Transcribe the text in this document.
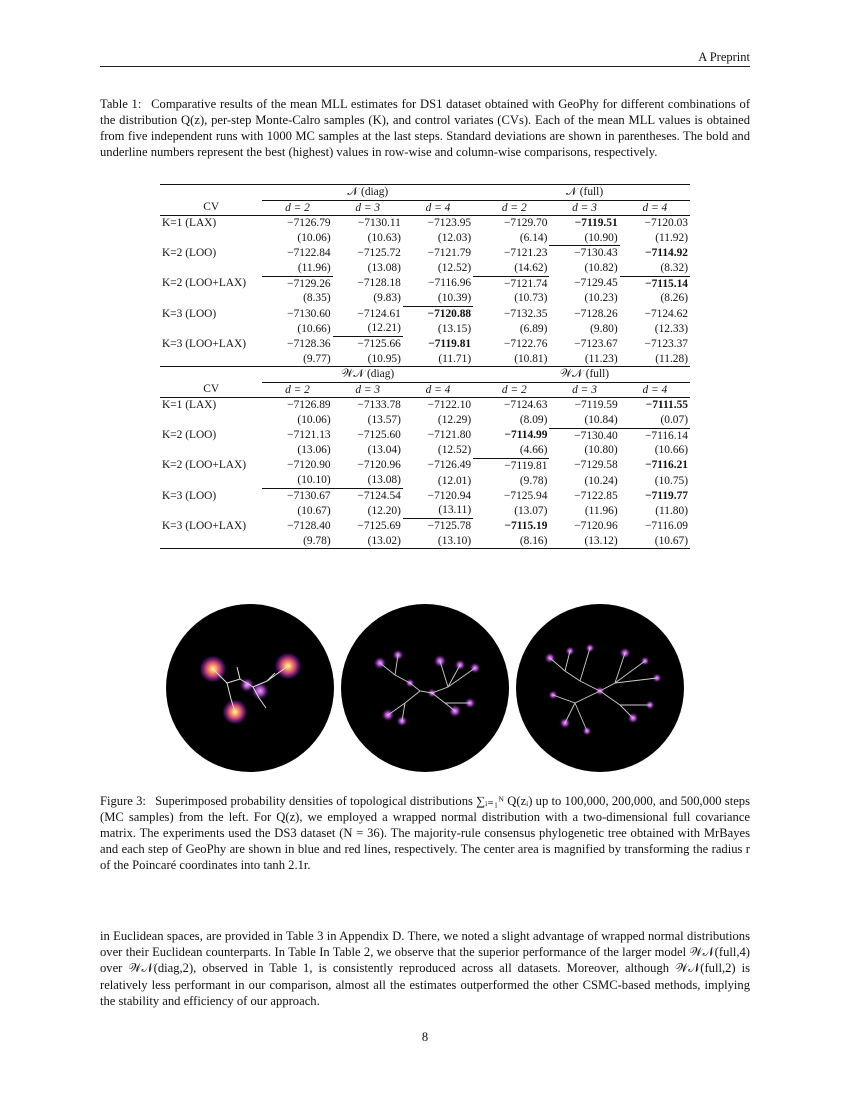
A Preprint
Table 1: Comparative results of the mean MLL estimates for DS1 dataset obtained with GeoPhy for different combinations of the distribution Q(z), per-step Monte-Calro samples (K), and control variates (CVs). Each of the mean MLL values is obtained from five independent runs with 1000 MC samples at the last steps. Standard deviations are shown in parentheses. The bold and underline numbers represent the best (highest) values in row-wise and column-wise comparisons, respectively.
	𝒩 (diag)			𝒩 (full)		
CV	d = 2	d = 3	d = 4	d = 2	d = 3	d = 4
K=1 (LAX)	−7126.79	−7130.11	−7123.95	−7129.70	−7119.51	−7120.03
	(10.06)	(10.63)	(12.03)	(6.14)	(10.90)	(11.92)
K=2 (LOO)	−7122.84	−7125.72	−7121.79	−7121.23	−7130.43	−7114.92
	(11.96)	(13.08)	(12.52)	(14.62)	(10.82)	(8.32)
K=2 (LOO+LAX)	−7129.26	−7128.18	−7116.96	−7121.74	−7129.45	−7115.14
	(8.35)	(9.83)	(10.39)	(10.73)	(10.23)	(8.26)
K=3 (LOO)	−7130.60	−7124.61	−7120.88	−7132.35	−7128.26	−7124.62
	(10.66)	(12.21)	(13.15)	(6.89)	(9.80)	(12.33)
K=3 (LOO+LAX)	−7128.36	−7125.66	−7119.81	−7122.76	−7123.67	−7123.37
	(9.77)	(10.95)	(11.71)	(10.81)	(11.23)	(11.28)
	𝒲𝒩 (diag)			𝒲𝒩 (full)		
CV	d = 2	d = 3	d = 4	d = 2	d = 3	d = 4
K=1 (LAX)	−7126.89	−7133.78	−7122.10	−7124.63	−7119.59	−7111.55
	(10.06)	(13.57)	(12.29)	(8.09)	(10.84)	(0.07)
K=2 (LOO)	−7121.13	−7125.60	−7121.80	−7114.99	−7130.40	−7116.14
	(13.06)	(13.04)	(12.52)	(4.66)	(10.80)	(10.66)
K=2 (LOO+LAX)	−7120.90	−7120.96	−7126.49	−7119.81	−7129.58	−7116.21
	(10.10)	(13.08)	(12.01)	(9.78)	(10.24)	(10.75)
K=3 (LOO)	−7130.67	−7124.54	−7120.94	−7125.94	−7122.85	−7119.77
	(10.67)	(12.20)	(13.11)	(13.07)	(11.96)	(11.80)
K=3 (LOO+LAX)	−7128.40	−7125.69	−7125.78	−7115.19	−7120.96	−7116.09
	(9.78)	(13.02)	(13.10)	(8.16)	(13.12)	(10.67)
Figure 3: Superimposed probability densities of topological distributions ∑ᵢ₌₁ᴺ Q(zᵢ) up to 100,000, 200,000, and 500,000 steps (MC samples) from the left. For Q(z), we employed a wrapped normal distribution with a two-dimensional full covariance matrix. The experiments used the DS3 dataset (N = 36). The majority-rule consensus phylogenetic tree obtained with MrBayes and each step of GeoPhy are shown in blue and red lines, respectively. The center area is magnified by transforming the radius r of the Poincaré coordinates into tanh 2.1r.
in Euclidean spaces, are provided in Table 3 in Appendix D. There, we noted a slight advantage of wrapped normal distributions over their Euclidean counterparts. In Table In Table 2, we observe that the superior performance of the larger model 𝒲𝒩(full,4) over 𝒲𝒩(diag,2), observed in Table 1, is consistently reproduced across all datasets. Moreover, although 𝒲𝒩(full,2) is relatively less performant in our comparison, almost all the estimates outperformed the other CSMC-based methods, implying the stability and efficiency of our approach.
8
